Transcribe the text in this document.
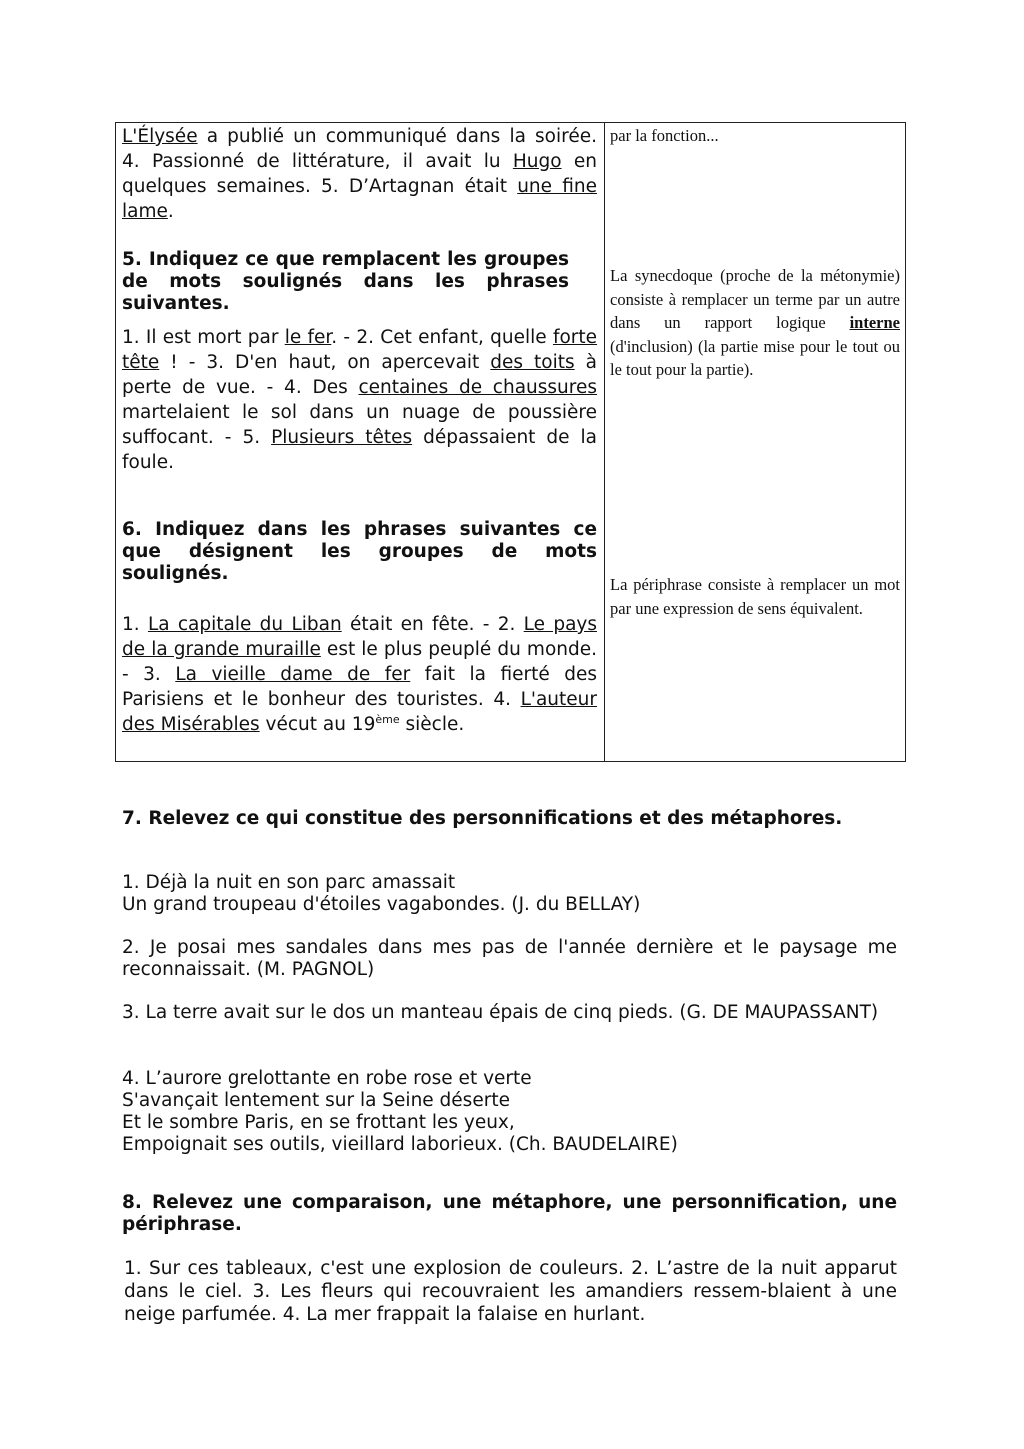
L'Élysée a publié un communiqué dans la soirée. 4. Passionné de littérature, il avait lu Hugo en quelques semaines. 5. D’Artagnan était une fine lame.
5. Indiquez ce que remplacent les groupes de mots soulignés dans les phrases suivantes.
1. Il est mort par le fer. - 2. Cet enfant, quelle forte tête ! - 3. D'en haut, on apercevait des toits à perte de vue. - 4. Des centaines de chaussures martelaient le sol dans un nuage de poussière suffocant. - 5. Plusieurs têtes dépassaient de la foule.
6. Indiquez dans les phrases suivantes ce que désignent les groupes de mots soulignés.
1. La capitale du Liban était en fête. - 2. Le pays de la grande muraille est le plus peuplé du monde. - 3. La vieille dame de fer fait la fierté des Parisiens et le bonheur des touristes. 4. L'auteur des Misérables vécut au 19ème siècle.
par la fonction...
La synecdoque (proche de la métonymie) consiste à remplacer un terme par un autre dans un rapport logique interne (d'inclusion) (la partie mise pour le tout ou le tout pour la partie).
La périphrase consiste à remplacer un mot par une expression de sens équivalent.
7. Relevez ce qui constitue des personnifications et des métaphores.
1. Déjà la nuit en son parc amassait
Un grand troupeau d'étoiles vagabondes. (J. du BELLAY)
2. Je posai mes sandales dans mes pas de l'année dernière et le paysage me reconnaissait. (M. PAGNOL)
3. La terre avait sur le dos un manteau épais de cinq pieds. (G. DE MAUPASSANT)
4. L’aurore grelottante en robe rose et verte
S'avançait lentement sur la Seine déserte
Et le sombre Paris, en se frottant les yeux,
Empoignait ses outils, vieillard laborieux. (Ch. BAUDELAIRE)
8. Relevez une comparaison, une métaphore, une personnification, une périphrase.
1. Sur ces tableaux, c'est une explosion de couleurs. 2. L’astre de la nuit apparut dans le ciel. 3. Les fleurs qui recouvraient les amandiers ressem-blaient à une neige parfumée. 4. La mer frappait la falaise en hurlant.
